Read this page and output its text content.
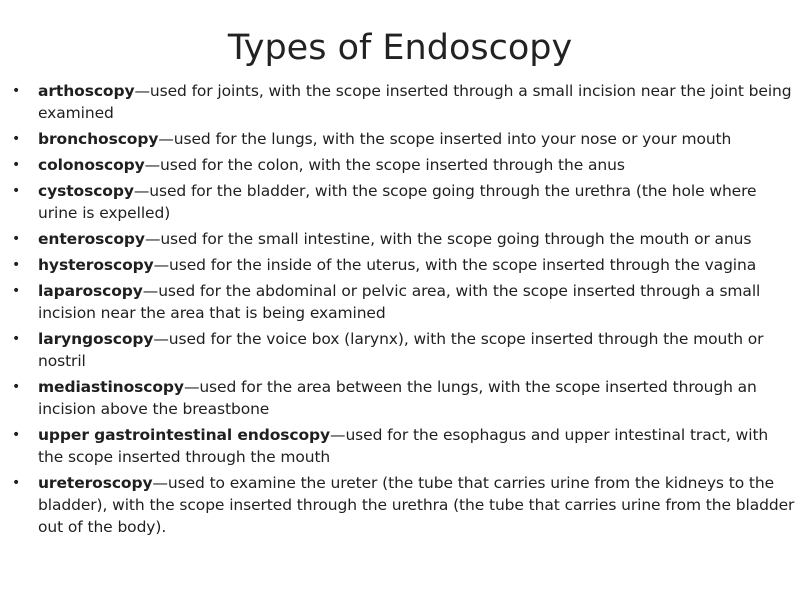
Types of Endoscopy
•	arthoscopy—used for joints, with the scope inserted through a small incision near the joint being examined
•	bronchoscopy—used for the lungs, with the scope inserted into your nose or your mouth
•	colonoscopy—used for the colon, with the scope inserted through the anus
•	cystoscopy—used for the bladder, with the scope going through the urethra (the hole where urine is expelled)
•	enteroscopy—used for the small intestine, with the scope going through the mouth or anus
•	hysteroscopy—used for the inside of the uterus, with the scope inserted through the vagina
•	laparoscopy—used for the abdominal or pelvic area, with the scope inserted through a small incision near the area that is being examined
•	laryngoscopy—used for the voice box (larynx), with the scope inserted through the mouth or nostril
•	mediastinoscopy—used for the area between the lungs, with the scope inserted through an incision above the breastbone
•	upper gastrointestinal endoscopy—used for the esophagus and upper intestinal tract, with the scope inserted through the mouth
•	ureteroscopy—used to examine the ureter (the tube that carries urine from the kidneys to the bladder), with the scope inserted through the urethra (the tube that carries urine from the bladder out of the body).
